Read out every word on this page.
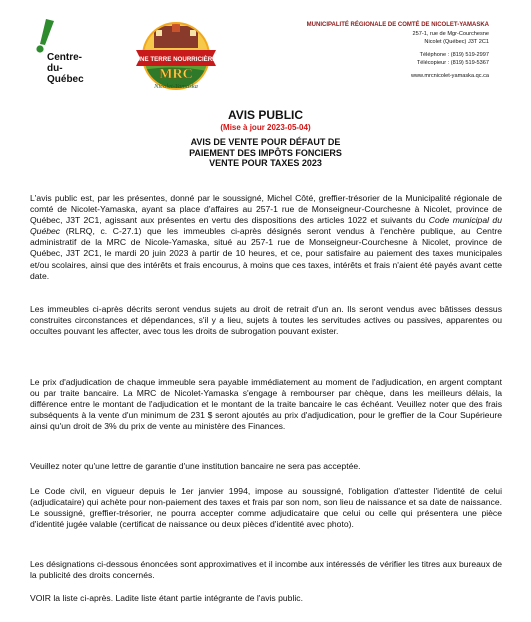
Centre-
du-
Québec
UNE TERRE NOURRICIÈRE
MRC
Nicolet-Yamaska
MUNICIPALITÉ RÉGIONALE DE COMTÉ DE NICOLET-YAMASKA
257-1, rue de Mgr-Courchesne
Nicolet (Québec) J3T 2C1
Téléphone : (819) 519-2997
Télécopieur : (819) 519-5367
www.mrcnicolet-yamaska.qc.ca
AVIS PUBLIC
(Mise à jour 2023-05-04)
AVIS DE VENTE POUR DÉFAUT DE
PAIEMENT DES IMPÔTS FONCIERS
VENTE POUR TAXES 2023
L'avis public est, par les présentes, donné par le soussigné, Michel Côté, greffier-trésorier de la Municipalité régionale de comté de Nicolet-Yamaska, ayant sa place d'affaires au 257-1 rue de Monseigneur-Courchesne à Nicolet, province de Québec, J3T 2C1, agissant aux présentes en vertu des dispositions des articles 1022 et suivants du Code municipal du Québec (RLRQ, c. C-27.1) que les immeubles ci-après désignés seront vendus à l'enchère publique, au Centre administratif de la MRC de Nicole-Yamaska, situé au 257-1 rue de Monseigneur-Courchesne à Nicolet, province de Québec, J3T 2C1, le mardi 20 juin 2023 à partir de 10 heures, et ce, pour satisfaire au paiement des taxes municipales et/ou scolaires, ainsi que des intérêts et frais encourus, à moins que ces taxes, intérêts et frais n'aient été payés avant cette date.
Les immeubles ci-après décrits seront vendus sujets au droit de retrait d'un an. Ils seront vendus avec bâtisses dessus construites circonstances et dépendances, s'il y a lieu, sujets à toutes les servitudes actives ou passives, apparentes ou occultes pouvant les affecter, avec tous les droits de subrogation pouvant exister.
Le prix d'adjudication de chaque immeuble sera payable immédiatement au moment de l'adjudication, en argent comptant ou par traite bancaire. La MRC de Nicolet-Yamaska s'engage à rembourser par chèque, dans les meilleurs délais, la différence entre le montant de l'adjudication et le montant de la traite bancaire le cas échéant. Veuillez noter que des frais subséquents à la vente d'un minimum de 231 $ seront ajoutés au prix d'adjudication, pour le greffier de la Cour Supérieure ainsi qu'un droit de 3% du prix de vente au ministère des Finances.
Veuillez noter qu'une lettre de garantie d'une institution bancaire ne sera pas acceptée.
Le Code civil, en vigueur depuis le 1er janvier 1994, impose au soussigné, l'obligation d'attester l'identité de celui (adjudicataire) qui achète pour non-paiement des taxes et frais par son nom, son lieu de naissance et sa date de naissance. Le soussigné, greffier-trésorier, ne pourra accepter comme adjudicataire que celui ou celle qui présentera une pièce d'identité jugée valable (certificat de naissance ou deux pièces d'identité avec photo).
Les désignations ci-dessous énoncées sont approximatives et il incombe aux intéressés de vérifier les titres aux bureaux de la publicité des droits concernés.
VOIR la liste ci-après. Ladite liste étant partie intégrante de l'avis public.
